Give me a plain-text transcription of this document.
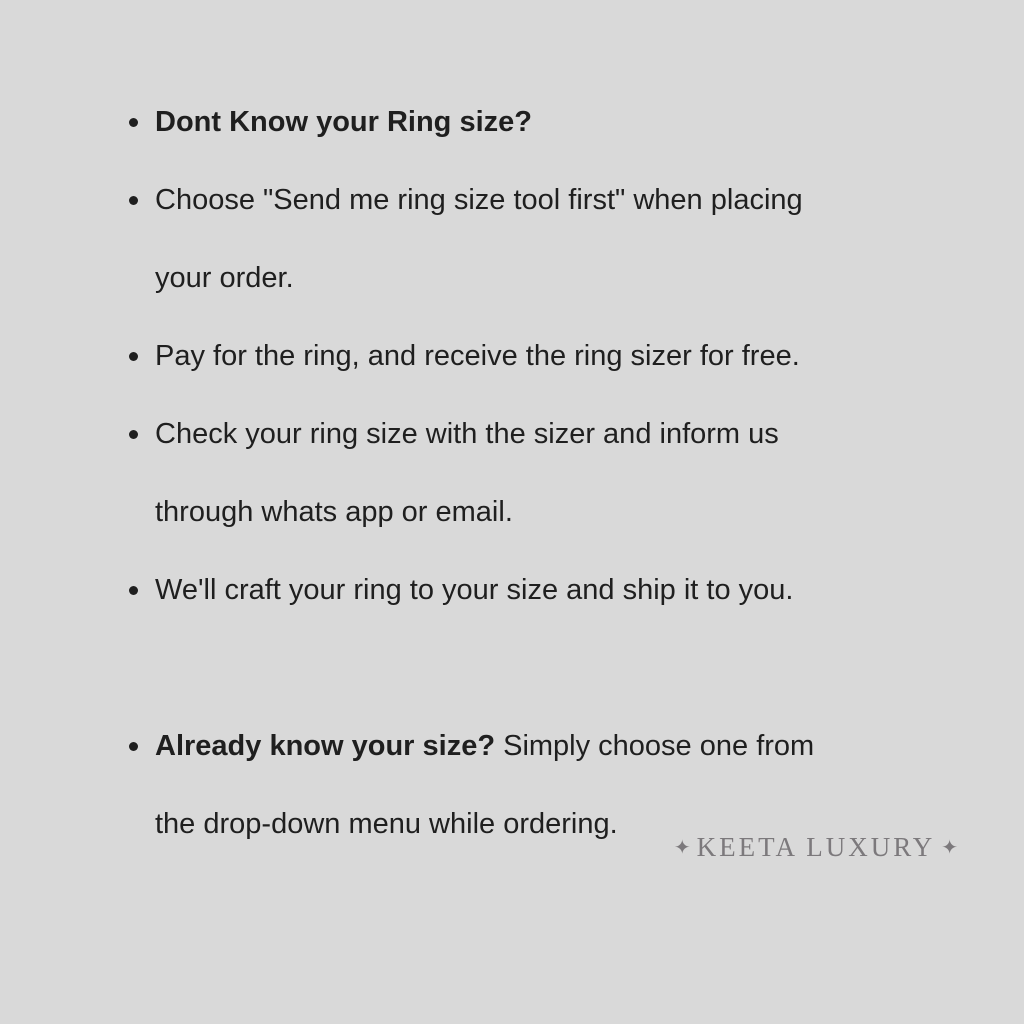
Dont Know your Ring size?
Choose "Send me ring size tool first" when placing
your order.
Pay for the ring, and receive the ring sizer for free.
Check your ring size with the sizer and inform us
through whats app or email.
We'll craft your ring to your size and ship it to you.
Already know your size? Simply choose one from
the drop-down menu while ordering.
✦ KEETA LUXURY ✦
